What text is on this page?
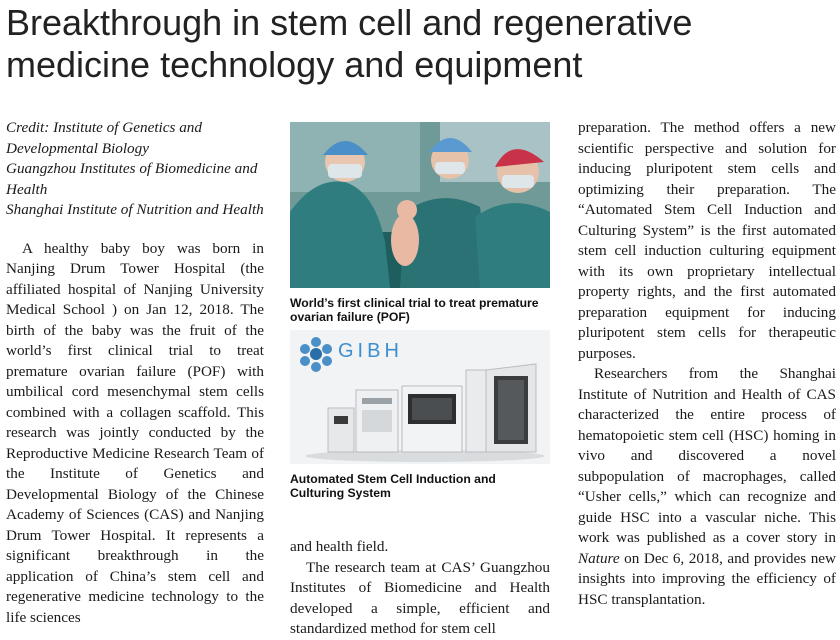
Breakthrough in stem cell and regenerative medicine technology and equipment

Credit: Institute of Genetics and Developmental Biology
Guangzhou Institutes of Biomedicine and Health
Shanghai Institute of Nutrition and Health

A healthy baby boy was born in Nanjing Drum Tower Hospital (the affiliated hospital of Nanjing University Medical School ) on Jan 12, 2018. The birth of the baby was the fruit of the world’s first clinical trial to treat premature ovarian failure (POF) with umbilical cord mesenchymal stem cells combined with a collagen scaffold. This research was jointly conducted by the Reproductive Medicine Research Team of the Institute of Genetics and Developmental Biology of the Chinese Academy of Sciences (CAS) and Nanjing Drum Tower Hospital. It represents a significant breakthrough in the application of China’s stem cell and regenerative medicine technology to the life sciences

World’s first clinical trial to treat premature ovarian failure (POF)
GIBH
Automated Stem Cell Induction and Culturing System

and health field.

The research team at CAS’ Guangzhou Institutes of Biomedicine and Health developed a simple, efficient and standardized method for stem cell

preparation. The method offers a new scientific perspective and solution for inducing pluripotent stem cells and optimizing their preparation. The “Automated Stem Cell Induction and Culturing System” is the first automated stem cell induction culturing equipment with its own proprietary intellectual property rights, and the first automated preparation equipment for inducing pluripotent stem cells for therapeutic purposes.

Researchers from the Shanghai Institute of Nutrition and Health of CAS characterized the entire process of hematopoietic stem cell (HSC) homing in vivo and discovered a novel subpopulation of macrophages, called “Usher cells,” which can recognize and guide HSC into a vascular niche. This work was published as a cover story in Nature on Dec 6, 2018, and provides new insights into improving the efficiency of HSC transplantation.
